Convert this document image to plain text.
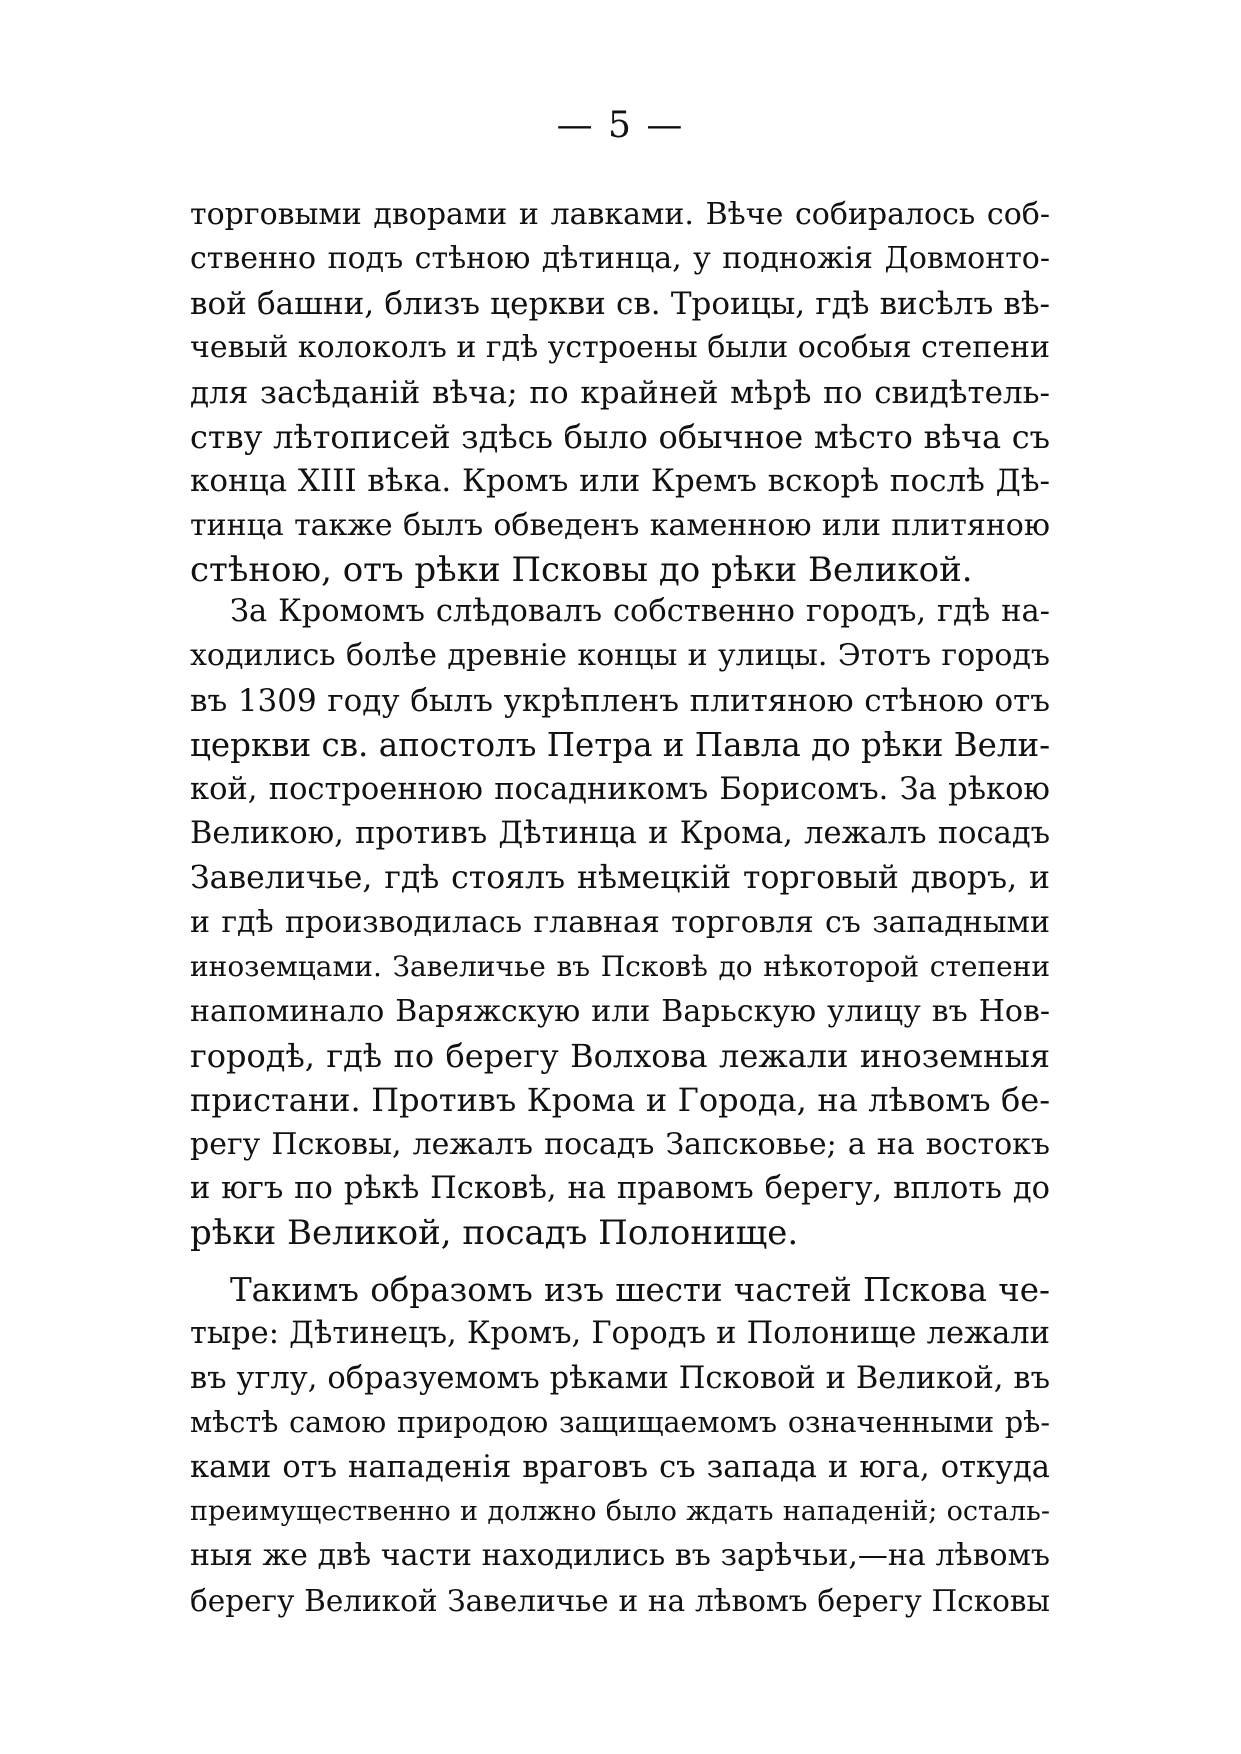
— 5 —
торговыми дворами и лавками. Вѣче собиралось соб-
ственно подъ стѣною дѣтинца, у подножія Довмонто-
вой башни, близъ церкви св. Троицы, гдѣ висѣлъ вѣ-
чевый колоколъ и гдѣ устроены были особыя степени
для засѣданій вѣча; по крайней мѣрѣ по свидѣтель-
ству лѣтописей здѣсь было обычное мѣсто вѣча съ
конца XIII вѣка. Кромъ или Кремъ вскорѣ послѣ Дѣ-
тинца также былъ обведенъ каменною или плитяною
стѣною, отъ рѣки Псковы до рѣки Великой.
За Кромомъ слѣдовалъ собственно городъ, гдѣ на-
ходились болѣе древніе концы и улицы. Этотъ городъ
въ 1309 году былъ укрѣпленъ плитяною стѣною отъ
церкви св. апостолъ Петра и Павла до рѣки Вели-
кой, построенною посадникомъ Борисомъ. За рѣкою
Великою, противъ Дѣтинца и Крома, лежалъ посадъ
Завеличье, гдѣ стоялъ нѣмецкій торговый дворъ, и
и гдѣ производилась главная торговля съ западными
иноземцами. Завеличье въ Псковѣ до нѣкоторой степени
напоминало Варяжскую или Варьскую улицу въ Нов-
городѣ, гдѣ по берегу Волхова лежали иноземныя
пристани. Противъ Крома и Города, на лѣвомъ бе-
регу Псковы, лежалъ посадъ Запсковье; а на востокъ
и югъ по рѣкѣ Псковѣ, на правомъ берегу, вплоть до
рѣки Великой, посадъ Полонище.
Такимъ образомъ изъ шести частей Пскова че-
тыре: Дѣтинецъ, Кромъ, Городъ и Полонище лежали
въ углу, образуемомъ рѣками Псковой и Великой, въ
мѣстѣ самою природою защищаемомъ означенными рѣ-
ками отъ нападенія враговъ съ запада и юга, откуда
преимущественно и должно было ждать нападеній; осталь-
ныя же двѣ части находились въ зарѣчьи,—на лѣвомъ
берегу Великой Завеличье и на лѣвомъ берегу Псковы
